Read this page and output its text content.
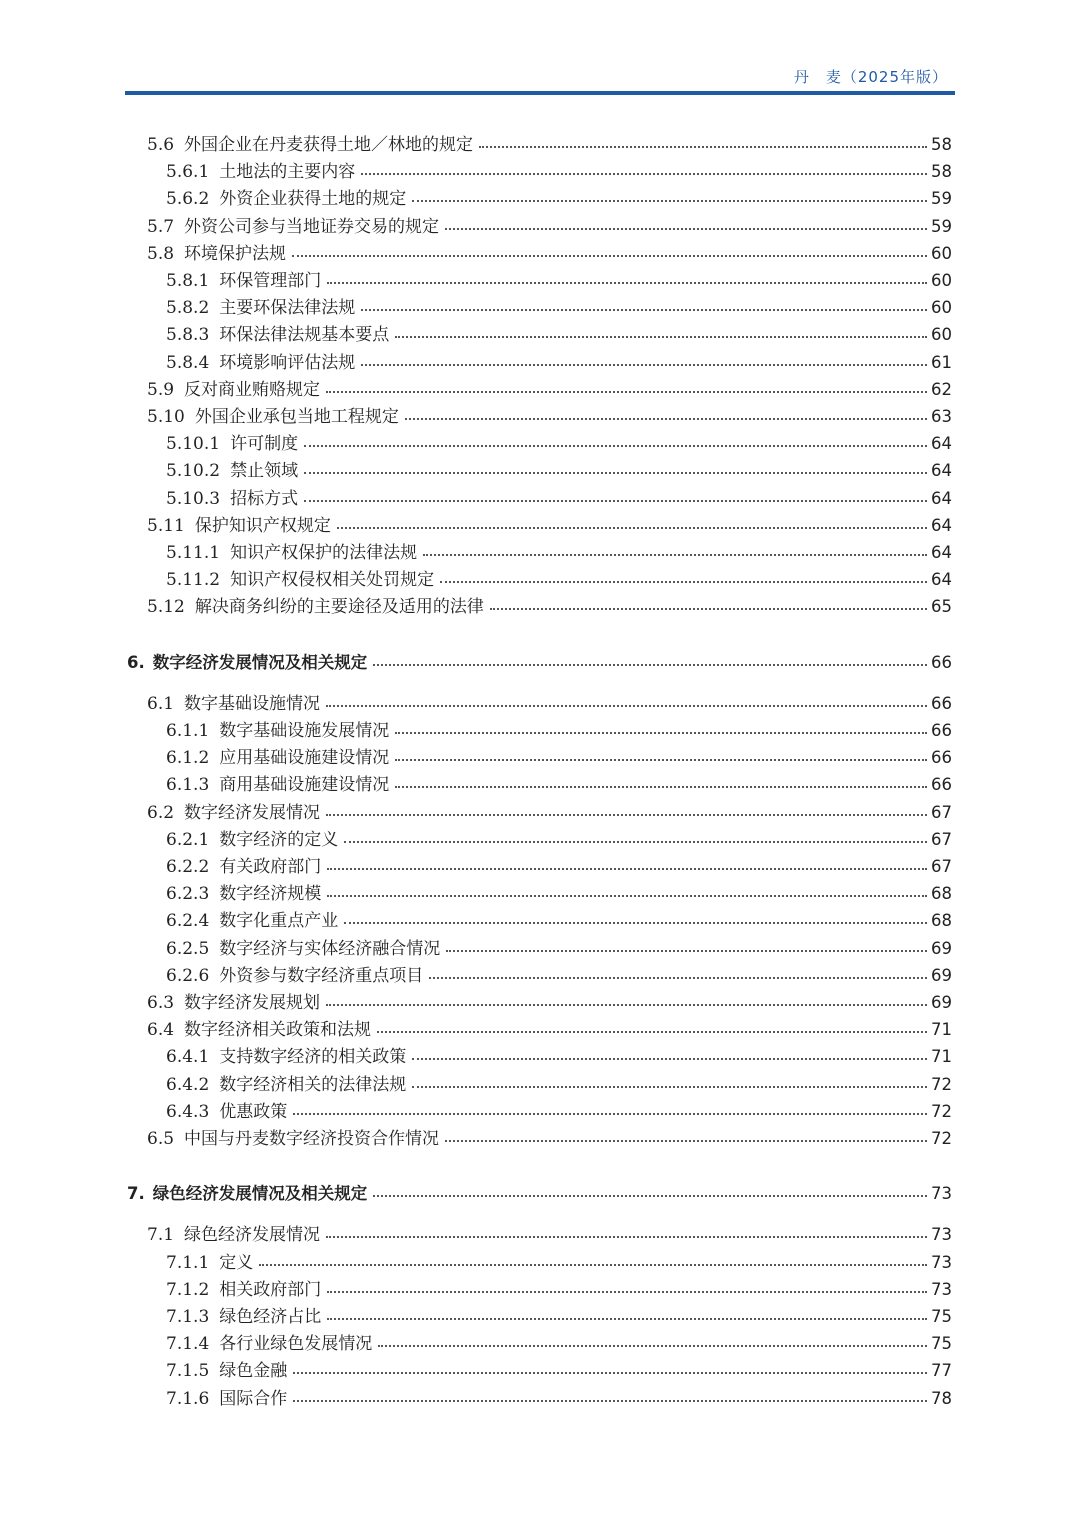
丹　麦（2025年版）
5.6 外国企业在丹麦获得土地／林地的规定	58
5.6.1 土地法的主要内容	58
5.6.2 外资企业获得土地的规定	59
5.7 外资公司参与当地证券交易的规定	59
5.8 环境保护法规	60
5.8.1 环保管理部门	60
5.8.2 主要环保法律法规	60
5.8.3 环保法律法规基本要点	60
5.8.4 环境影响评估法规	61
5.9 反对商业贿赂规定	62
5.10 外国企业承包当地工程规定	63
5.10.1 许可制度	64
5.10.2 禁止领域	64
5.10.3 招标方式	64
5.11 保护知识产权规定	64
5.11.1 知识产权保护的法律法规	64
5.11.2 知识产权侵权相关处罚规定	64
5.12 解决商务纠纷的主要途径及适用的法律	65
6. 数字经济发展情况及相关规定	66
6.1 数字基础设施情况	66
6.1.1 数字基础设施发展情况	66
6.1.2 应用基础设施建设情况	66
6.1.3 商用基础设施建设情况	66
6.2 数字经济发展情况	67
6.2.1 数字经济的定义	67
6.2.2 有关政府部门	67
6.2.3 数字经济规模	68
6.2.4 数字化重点产业	68
6.2.5 数字经济与实体经济融合情况	69
6.2.6 外资参与数字经济重点项目	69
6.3 数字经济发展规划	69
6.4 数字经济相关政策和法规	71
6.4.1 支持数字经济的相关政策	71
6.4.2 数字经济相关的法律法规	72
6.4.3 优惠政策	72
6.5 中国与丹麦数字经济投资合作情况	72
7. 绿色经济发展情况及相关规定	73
7.1 绿色经济发展情况	73
7.1.1 定义	73
7.1.2 相关政府部门	73
7.1.3 绿色经济占比	75
7.1.4 各行业绿色发展情况	75
7.1.5 绿色金融	77
7.1.6 国际合作	78
